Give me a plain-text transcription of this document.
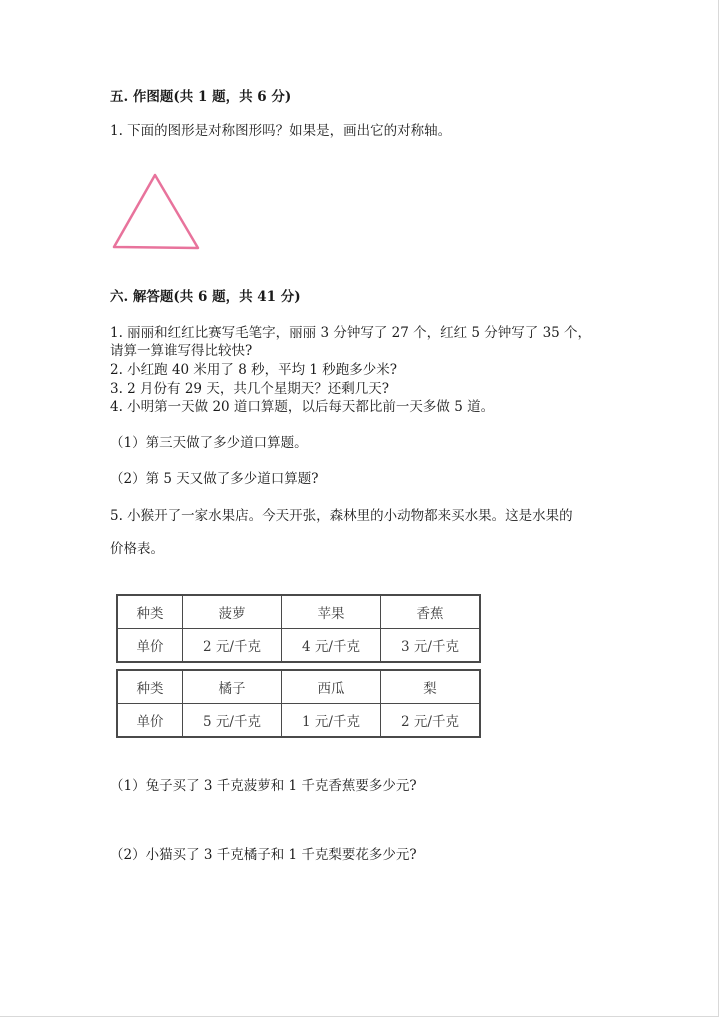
五. 作图题(共 1 题，共 6 分)
1. 下面的图形是对称图形吗？如果是，画出它的对称轴。
六. 解答题(共 6 题，共 41 分)
1. 丽丽和红红比赛写毛笔字，丽丽 3 分钟写了 27 个，红红 5 分钟写了 35 个，
请算一算谁写得比较快?
2. 小红跑 40 米用了 8 秒，平均 1 秒跑多少米?
3. 2 月份有 29 天，共几个星期天？还剩几天?
4. 小明第一天做 20 道口算题，以后每天都比前一天多做 5 道。
（1）第三天做了多少道口算题。
（2）第 5 天又做了多少道口算题?
5. 小猴开了一家水果店。今天开张，森林里的小动物都来买水果。这是水果的
价格表。
种类	菠萝	苹果	香蕉
单价	2 元/千克	4 元/千克	3 元/千克
种类	橘子	西瓜	梨
单价	5 元/千克	1 元/千克	2 元/千克
（1）兔子买了 3 千克菠萝和 1 千克香蕉要多少元?
（2）小猫买了 3 千克橘子和 1 千克梨要花多少元?
